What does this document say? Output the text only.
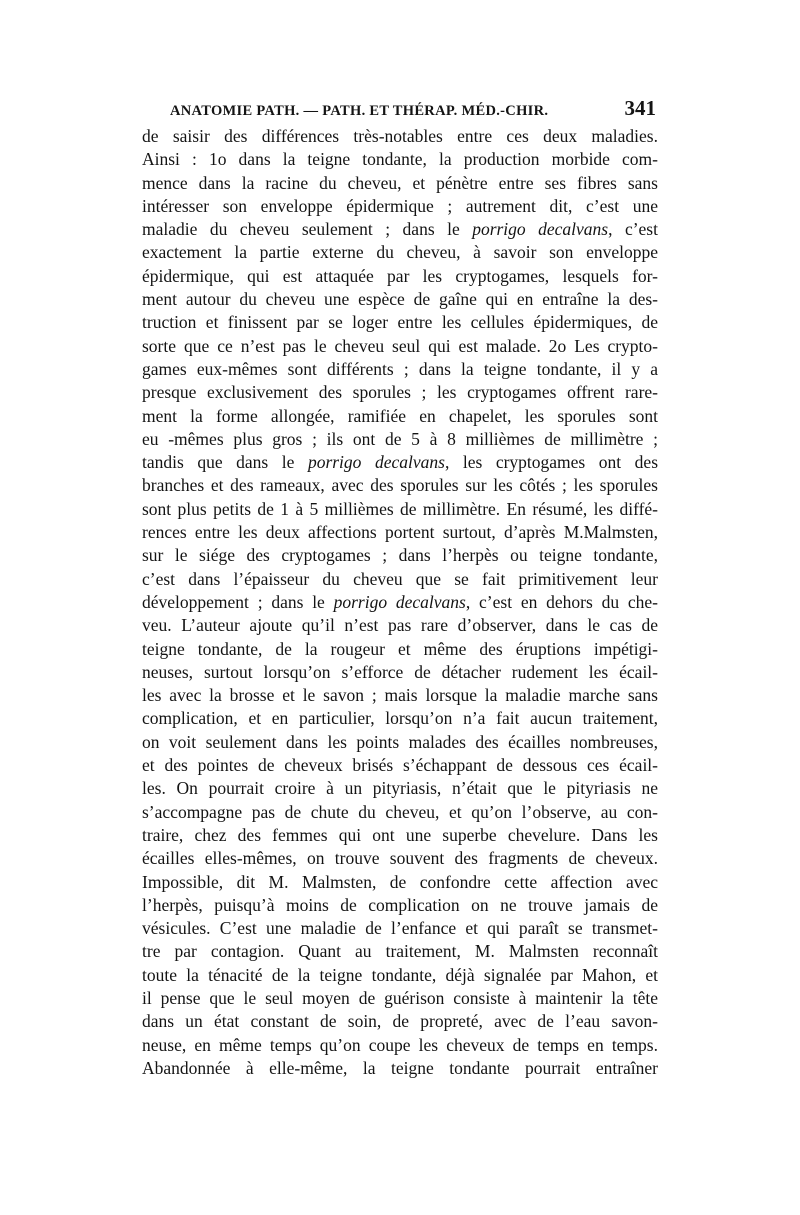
ANATOMIE PATH. — PATH. ET THÉRAP. MÉD.-CHIR.	341
de saisir des différences très-notables entre ces deux maladies.
Ainsi : 1o dans la teigne tondante, la production morbide com-
mence dans la racine du cheveu, et pénètre entre ses fibres sans
intéresser son enveloppe épidermique ; autrement dit, c’est une
maladie du cheveu seulement ; dans le porrigo decalvans, c’est
exactement la partie externe du cheveu, à savoir son enveloppe
épidermique, qui est attaquée par les cryptogames, lesquels for-
ment autour du cheveu une espèce de gaîne qui en entraîne la des-
truction et finissent par se loger entre les cellules épidermiques, de
sorte que ce n’est pas le cheveu seul qui est malade. 2o Les crypto-
games eux-mêmes sont différents ; dans la teigne tondante, il y a
presque exclusivement des sporules ; les cryptogames offrent rare-
ment la forme allongée, ramifiée en chapelet, les sporules sont
eu -mêmes plus gros ; ils ont de 5 à 8 millièmes de millimètre ;
tandis que dans le porrigo decalvans, les cryptogames ont des
branches et des rameaux, avec des sporules sur les côtés ; les sporules
sont plus petits de 1 à 5 millièmes de millimètre. En résumé, les diffé-
rences entre les deux affections portent surtout, d’après M.Malmsten,
sur le siége des cryptogames ; dans l’herpès ou teigne tondante,
c’est dans l’épaisseur du cheveu que se fait primitivement leur
développement ; dans le porrigo decalvans, c’est en dehors du che-
veu. L’auteur ajoute qu’il n’est pas rare d’observer, dans le cas de
teigne tondante, de la rougeur et même des éruptions impétigi-
neuses, surtout lorsqu’on s’efforce de détacher rudement les écail-
les avec la brosse et le savon ; mais lorsque la maladie marche sans
complication, et en particulier, lorsqu’on n’a fait aucun traitement,
on voit seulement dans les points malades des écailles nombreuses,
et des pointes de cheveux brisés s’échappant de dessous ces écail-
les. On pourrait croire à un pityriasis, n’était que le pityriasis ne
s’accompagne pas de chute du cheveu, et qu’on l’observe, au con-
traire, chez des femmes qui ont une superbe chevelure. Dans les
écailles elles-mêmes, on trouve souvent des fragments de cheveux.
Impossible, dit M. Malmsten, de confondre cette affection avec
l’herpès, puisqu’à moins de complication on ne trouve jamais de
vésicules. C’est une maladie de l’enfance et qui paraît se transmet-
tre par contagion. Quant au traitement, M. Malmsten reconnaît
toute la ténacité de la teigne tondante, déjà signalée par Mahon, et
il pense que le seul moyen de guérison consiste à maintenir la tête
dans un état constant de soin, de propreté, avec de l’eau savon-
neuse, en même temps qu’on coupe les cheveux de temps en temps.
Abandonnée à elle-même, la teigne tondante pourrait entraîner
